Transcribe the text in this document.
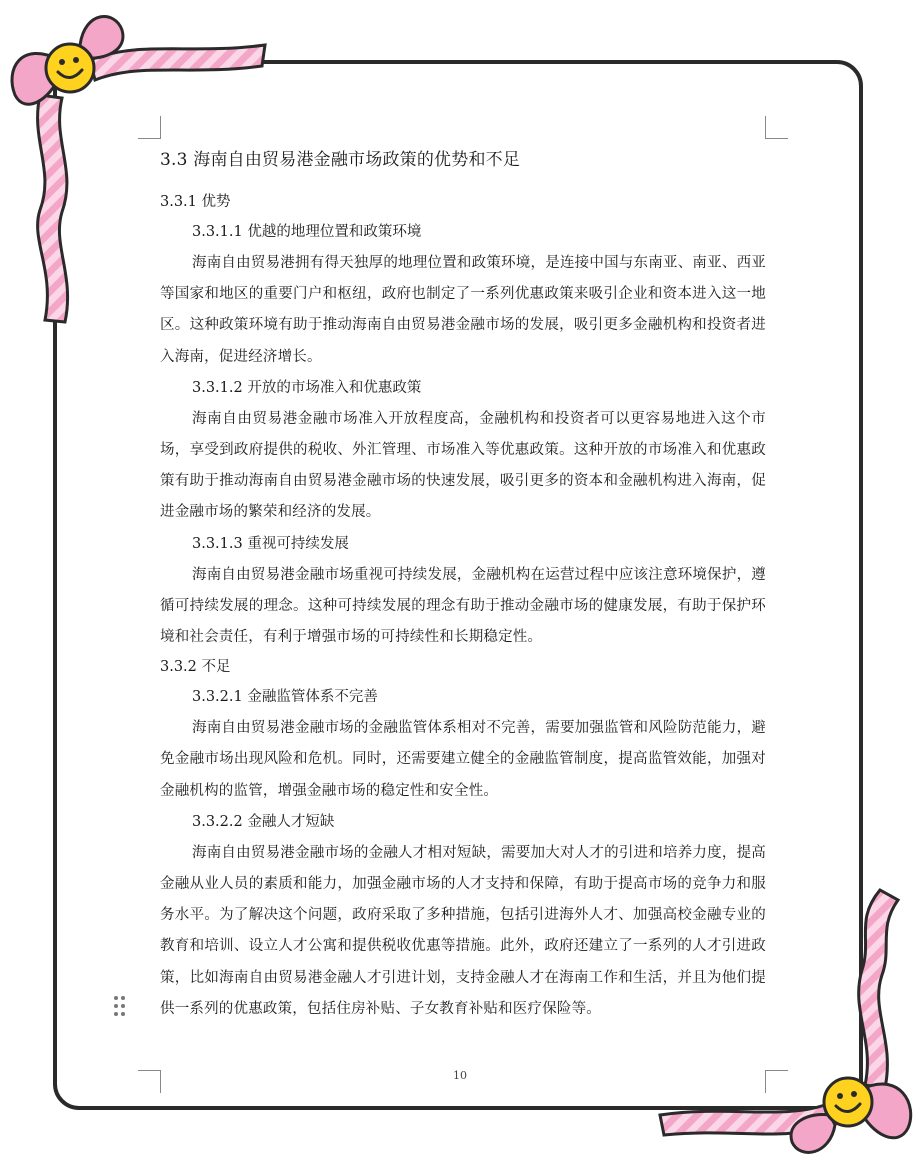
3.3 海南自由贸易港金融市场政策的优势和不足
3.3.1 优势
3.3.1.1 优越的地理位置和政策环境

海南自由贸易港拥有得天独厚的地理位置和政策环境，是连接中国与东南亚、南亚、西亚等国家和地区的重要门户和枢纽，政府也制定了一系列优惠政策来吸引企业和资本进入这一地区。这种政策环境有助于推动海南自由贸易港金融市场的发展，吸引更多金融机构和投资者进入海南，促进经济增长。

3.3.1.2 开放的市场准入和优惠政策

海南自由贸易港金融市场准入开放程度高，金融机构和投资者可以更容易地进入这个市场，享受到政府提供的税收、外汇管理、市场准入等优惠政策。这种开放的市场准入和优惠政策有助于推动海南自由贸易港金融市场的快速发展，吸引更多的资本和金融机构进入海南，促进金融市场的繁荣和经济的发展。

3.3.1.3 重视可持续发展

海南自由贸易港金融市场重视可持续发展，金融机构在运营过程中应该注意环境保护，遵循可持续发展的理念。这种可持续发展的理念有助于推动金融市场的健康发展，有助于保护环境和社会责任，有利于增强市场的可持续性和长期稳定性。

3.3.2 不足
3.3.2.1 金融监管体系不完善

海南自由贸易港金融市场的金融监管体系相对不完善，需要加强监管和风险防范能力，避免金融市场出现风险和危机。同时，还需要建立健全的金融监管制度，提高监管效能，加强对金融机构的监管，增强金融市场的稳定性和安全性。

3.3.2.2 金融人才短缺

海南自由贸易港金融市场的金融人才相对短缺，需要加大对人才的引进和培养力度，提高金融从业人员的素质和能力，加强金融市场的人才支持和保障，有助于提高市场的竞争力和服务水平。为了解决这个问题，政府采取了多种措施，包括引进海外人才、加强高校金融专业的教育和培训、设立人才公寓和提供税收优惠等措施。此外，政府还建立了一系列的人才引进政策，比如海南自由贸易港金融人才引进计划，支持金融人才在海南工作和生活，并且为他们提供一系列的优惠政策，包括住房补贴、子女教育补贴和医疗保险等。

10
